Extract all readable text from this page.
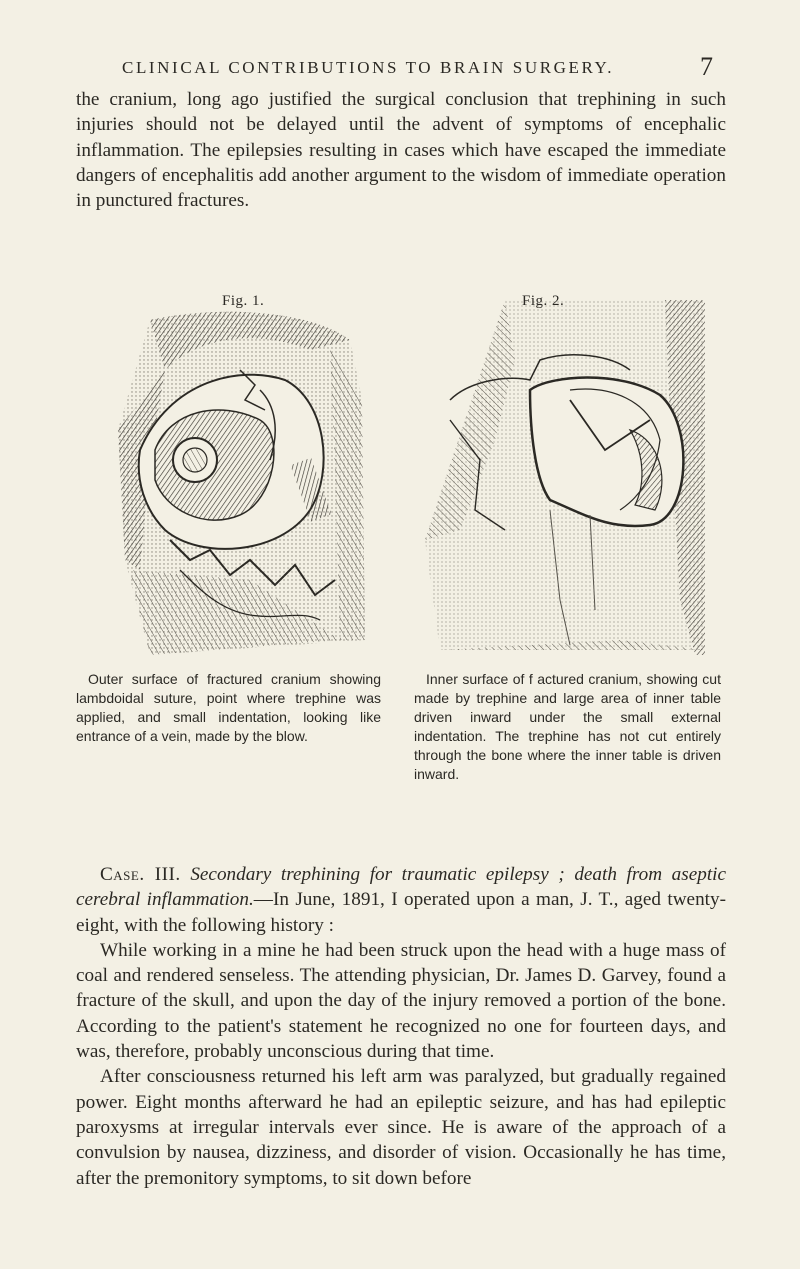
CLINICAL CONTRIBUTIONS TO BRAIN SURGERY.	7

the cranium, long ago justified the surgical conclusion that trephining in such injuries should not be delayed until the advent of symptoms of encephalic inflammation. The epilepsies resulting in cases which have escaped the immediate dangers of encephalitis add another argument to the wisdom of immediate operation in punctured fractures.

Fig. 1.

Outer surface of fractured cranium showing lambdoidal suture, point where trephine was applied, and small indentation, looking like entrance of a vein, made by the blow.

Inner surface of f actured cranium, showing cut made by trephine and large area of inner table driven inward under the small external indentation. The trephine has not cut entirely through the bone where the inner table is driven inward.

Case. III. Secondary trephining for traumatic epilepsy ; death from aseptic cerebral inflammation.—In June, 1891, I operated upon a man, J. T., aged twenty-eight, with the following history :
While working in a mine he had been struck upon the head with a huge mass of coal and rendered senseless. The attending physician, Dr. James D. Garvey, found a fracture of the skull, and upon the day of the injury removed a portion of the bone. According to the patient's statement he recognized no one for fourteen days, and was, therefore, probably unconscious during that time.
After consciousness returned his left arm was paralyzed, but gradually regained power. Eight months afterward he had an epileptic seizure, and has had epileptic paroxysms at irregular intervals ever since. He is aware of the approach of a convulsion by nausea, dizziness, and disorder of vision. Occasionally he has time, after the premonitory symptoms, to sit down before
